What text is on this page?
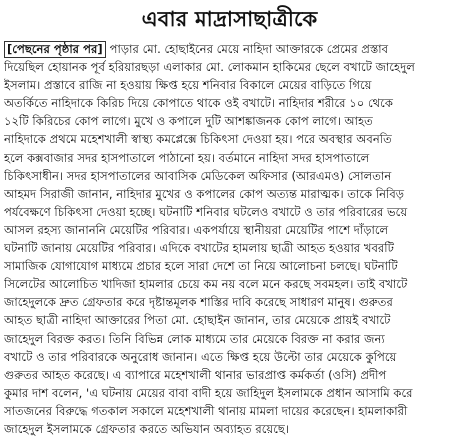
এবার মাদ্রাসাছাত্রীকে
[পেছনের পৃষ্ঠার পর] পাড়ার মো. হোছাইনের মেয়ে নাহিদা আক্তারকে প্রেমের প্রস্তাব
দিয়েছিল হোয়ানক পূর্ব হরিয়ারছড়া এলাকার মো. লোকমান হাকিমের ছেলে বখাটে জাহেদুল
ইসলাম। প্রস্তাবে রাজি না হওয়ায় ক্ষিপ্ত হয়ে শনিবার বিকালে মেয়ের বাড়িতে গিয়ে
অতর্কিতে নাহিদাকে কিরিচ দিয়ে কোপাতে থাকে ওই বখাটে। নাহিদার শরীরে ১০ থেকে
১২টি কিরিচের কোপ লাগে। মুখে ও কপালে দুটি আশঙ্কাজনক কোপ লাগে। আহত
নাহিদাকে প্রথমে মহেশখালী স্বাস্থ্য কমপ্লেক্সে চিকিৎসা দেওয়া হয়। পরে অবস্থার অবনতি
হলে কক্সবাজার সদর হাসপাতালে পাঠানো হয়। বর্তমানে নাহিদা সদর হাসপাতালে
চিকিৎসাধীন। সদর হাসপাতালের আবাসিক মেডিকেল অফিসার (আরএমও) সোলতান
আহমদ সিরাজী জানান, নাহিদার মুখের ও কপালের কোপ অত্যন্ত মারাত্মক। তাকে নিবিড়
পর্যবেক্ষণে চিকিৎসা দেওয়া হচ্ছে। ঘটনাটি শনিবার ঘটলেও বখাটে ও তার পরিবারের ভয়ে
আসল রহস্য জানাননি মেয়েটির পরিবার। একপর্যায়ে স্থানীয়রা মেয়েটির পাশে দাঁড়ালে
ঘটনাটি জানায় মেয়েটির পরিবার। এদিকে বখাটের হামলায় ছাত্রী আহত হওয়ার খবরটি
সামাজিক যোগাযোগ মাধ্যমে প্রচার হলে সারা দেশে তা নিয়ে আলোচনা চলছে। ঘটনাটি
সিলেটের আলোচিত খাদিজা হামলার চেয়ে কম নয় বলে মনে করছে সবমহল। তাই বখাটে
জাহেদুলকে দ্রুত গ্রেফতার করে দৃষ্টান্তমূলক শাস্তির দাবি করেছে সাধারণ মানুষ। গুরুতর
আহত ছাত্রী নাহিদা আক্তারের পিতা মো. হোছাইন জানান, তার মেয়েকে প্রায়ই বখাটে
জাহেদুল বিরক্ত করত। তিনি বিভিন্ন লোক মাধ্যমে তার মেয়েকে বিরক্ত না করার জন্য
বখাটে ও তার পরিবারকে অনুরোধ জানান। এতে ক্ষিপ্ত হয়ে উল্টো তার মেয়েকে কুপিয়ে
গুরুতর আহত করেছে। এ ব্যাপারে মহেশখালী থানার ভারপ্রাপ্ত কর্মকর্তা (ওসি) প্রদীপ
কুমার দাশ বলেন, 'এ ঘটনায় মেয়ের বাবা বাদী হয়ে জাহিদুল ইসলামকে প্রধান আসামি করে
সাতজনের বিরুদ্ধে গতকাল সকালে মহেশখালী থানায় মামলা দায়ের করেছেন। হামলাকারী
জাহেদুল ইসলামকে গ্রেফতার করতে অভিযান অব্যাহত রয়েছে।
